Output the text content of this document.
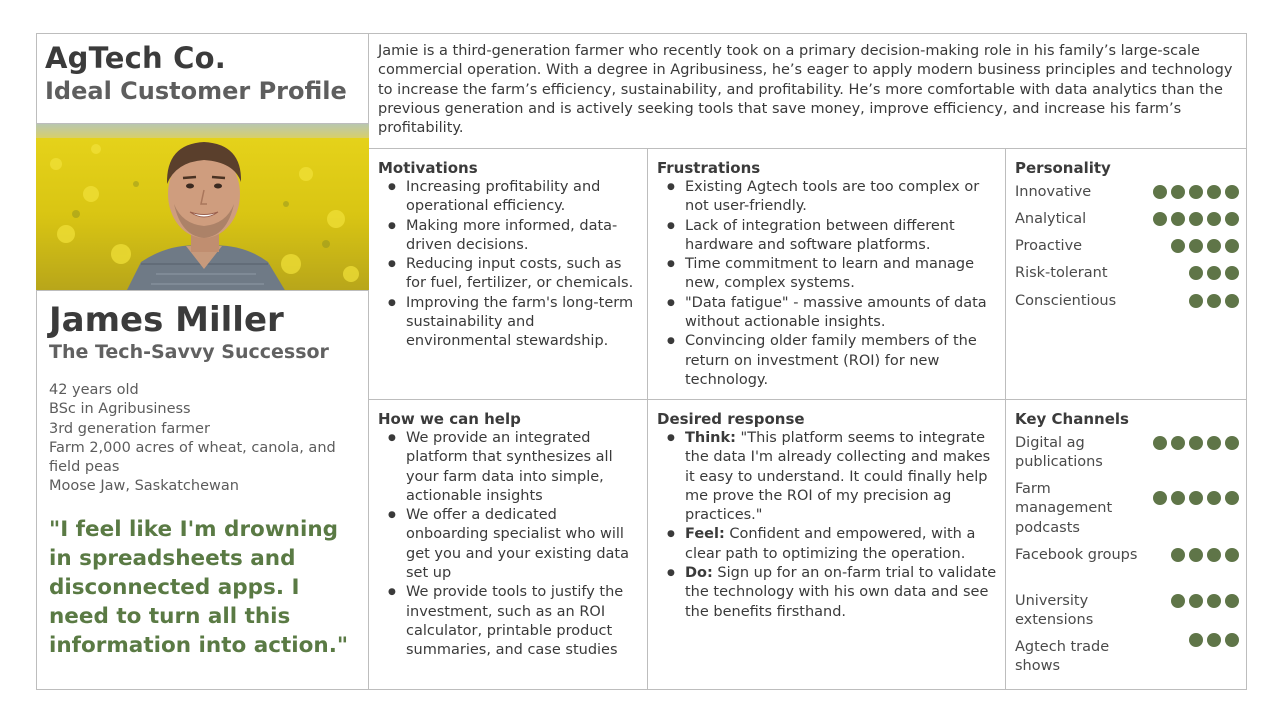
AgTech Co.
Ideal Customer Profile
James Miller
The Tech-Savvy Successor
42 years old
BSc in Agribusiness
3rd generation farmer
Farm 2,000 acres of wheat, canola, and field peas
Moose Jaw, Saskatchewan
"I feel like I'm drowning in spreadsheets and disconnected apps. I need to turn all this information into action."
Jamie is a third-generation farmer who recently took on a primary decision-making role in his family’s large-scale commercial operation. With a degree in Agribusiness, he’s eager to apply modern business principles and technology to increase the farm’s efficiency, sustainability, and profitability. He’s more comfortable with data analytics than the previous generation and is actively seeking tools that save money, improve efficiency, and increase his farm’s profitability.
Motivations
● Increasing profitability and operational efficiency.
● Making more informed, data-driven decisions.
● Reducing input costs, such as for fuel, fertilizer, or chemicals.
● Improving the farm's long-term sustainability and environmental stewardship.
Frustrations
● Existing Agtech tools are too complex or not user-friendly.
● Lack of integration between different hardware and software platforms.
● Time commitment to learn and manage new, complex systems.
● "Data fatigue" - massive amounts of data without actionable insights.
● Convincing older family members of the return on investment (ROI) for new technology.
Personality
Innovative
Analytical
Proactive
Risk-tolerant
Conscientious
How we can help
● We provide an integrated platform that synthesizes all your farm data into simple, actionable insights
● We offer a dedicated onboarding specialist who will get you and your existing data set up
● We provide tools to justify the investment, such as an ROI calculator, printable product summaries, and case studies
Desired response
● Think: "This platform seems to integrate the data I'm already collecting and makes it easy to understand. It could finally help me prove the ROI of my precision ag practices."
● Feel: Confident and empowered, with a clear path to optimizing the operation.
● Do: Sign up for an on-farm trial to validate the technology with his own data and see the benefits firsthand.
Key Channels
Digital ag publications
Farm management podcasts
Facebook groups
University extensions
Agtech trade shows
